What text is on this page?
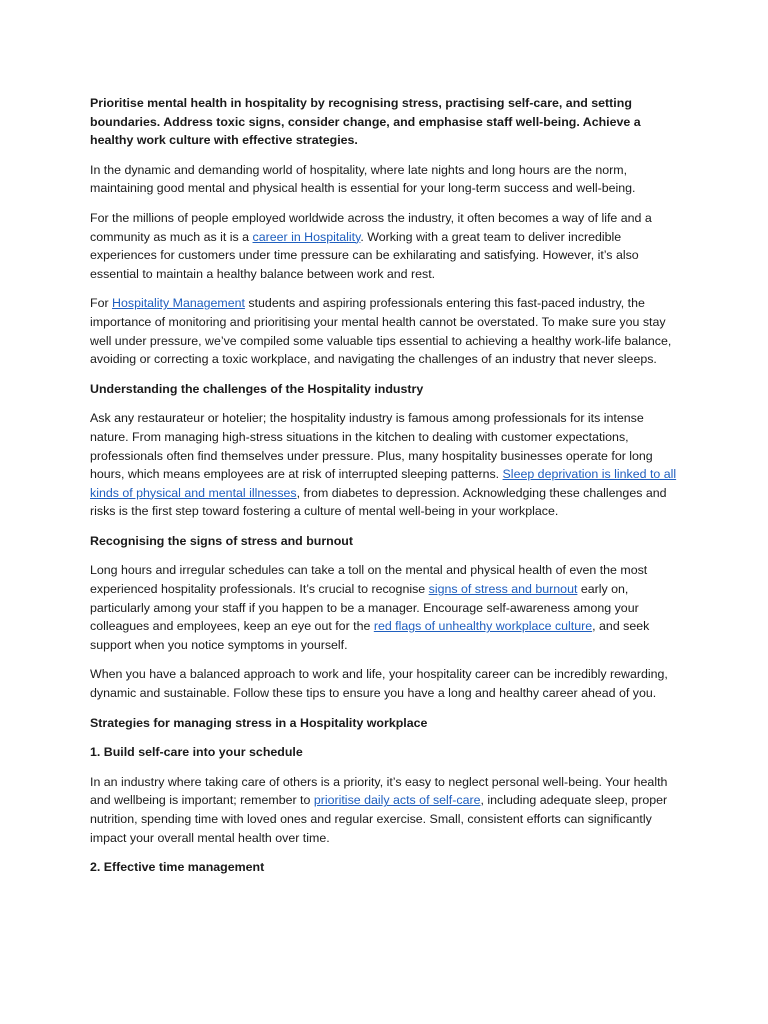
Prioritise mental health in hospitality by recognising stress, practising self-care, and setting boundaries. Address toxic signs, consider change, and emphasise staff well-being. Achieve a healthy work culture with effective strategies.

In the dynamic and demanding world of hospitality, where late nights and long hours are the norm, maintaining good mental and physical health is essential for your long-term success and well-being.

For the millions of people employed worldwide across the industry, it often becomes a way of life and a community as much as it is a career in Hospitality. Working with a great team to deliver incredible experiences for customers under time pressure can be exhilarating and satisfying. However, it’s also essential to maintain a healthy balance between work and rest.

For Hospitality Management students and aspiring professionals entering this fast-paced industry, the importance of monitoring and prioritising your mental health cannot be overstated. To make sure you stay well under pressure, we’ve compiled some valuable tips essential to achieving a healthy work-life balance, avoiding or correcting a toxic workplace, and navigating the challenges of an industry that never sleeps.

Understanding the challenges of the Hospitality industry

Ask any restaurateur or hotelier; the hospitality industry is famous among professionals for its intense nature. From managing high-stress situations in the kitchen to dealing with customer expectations, professionals often find themselves under pressure. Plus, many hospitality businesses operate for long hours, which means employees are at risk of interrupted sleeping patterns. Sleep deprivation is linked to all kinds of physical and mental illnesses, from diabetes to depression. Acknowledging these challenges and risks is the first step toward fostering a culture of mental well-being in your workplace.

Recognising the signs of stress and burnout

Long hours and irregular schedules can take a toll on the mental and physical health of even the most experienced hospitality professionals. It’s crucial to recognise signs of stress and burnout early on, particularly among your staff if you happen to be a manager. Encourage self-awareness among your colleagues and employees, keep an eye out for the red flags of unhealthy workplace culture, and seek support when you notice symptoms in yourself.

When you have a balanced approach to work and life, your hospitality career can be incredibly rewarding, dynamic and sustainable. Follow these tips to ensure you have a long and healthy career ahead of you.

Strategies for managing stress in a Hospitality workplace

1. Build self-care into your schedule

In an industry where taking care of others is a priority, it’s easy to neglect personal well-being. Your health and wellbeing is important; remember to prioritise daily acts of self-care, including adequate sleep, proper nutrition, spending time with loved ones and regular exercise. Small, consistent efforts can significantly impact your overall mental health over time.

2. Effective time management
